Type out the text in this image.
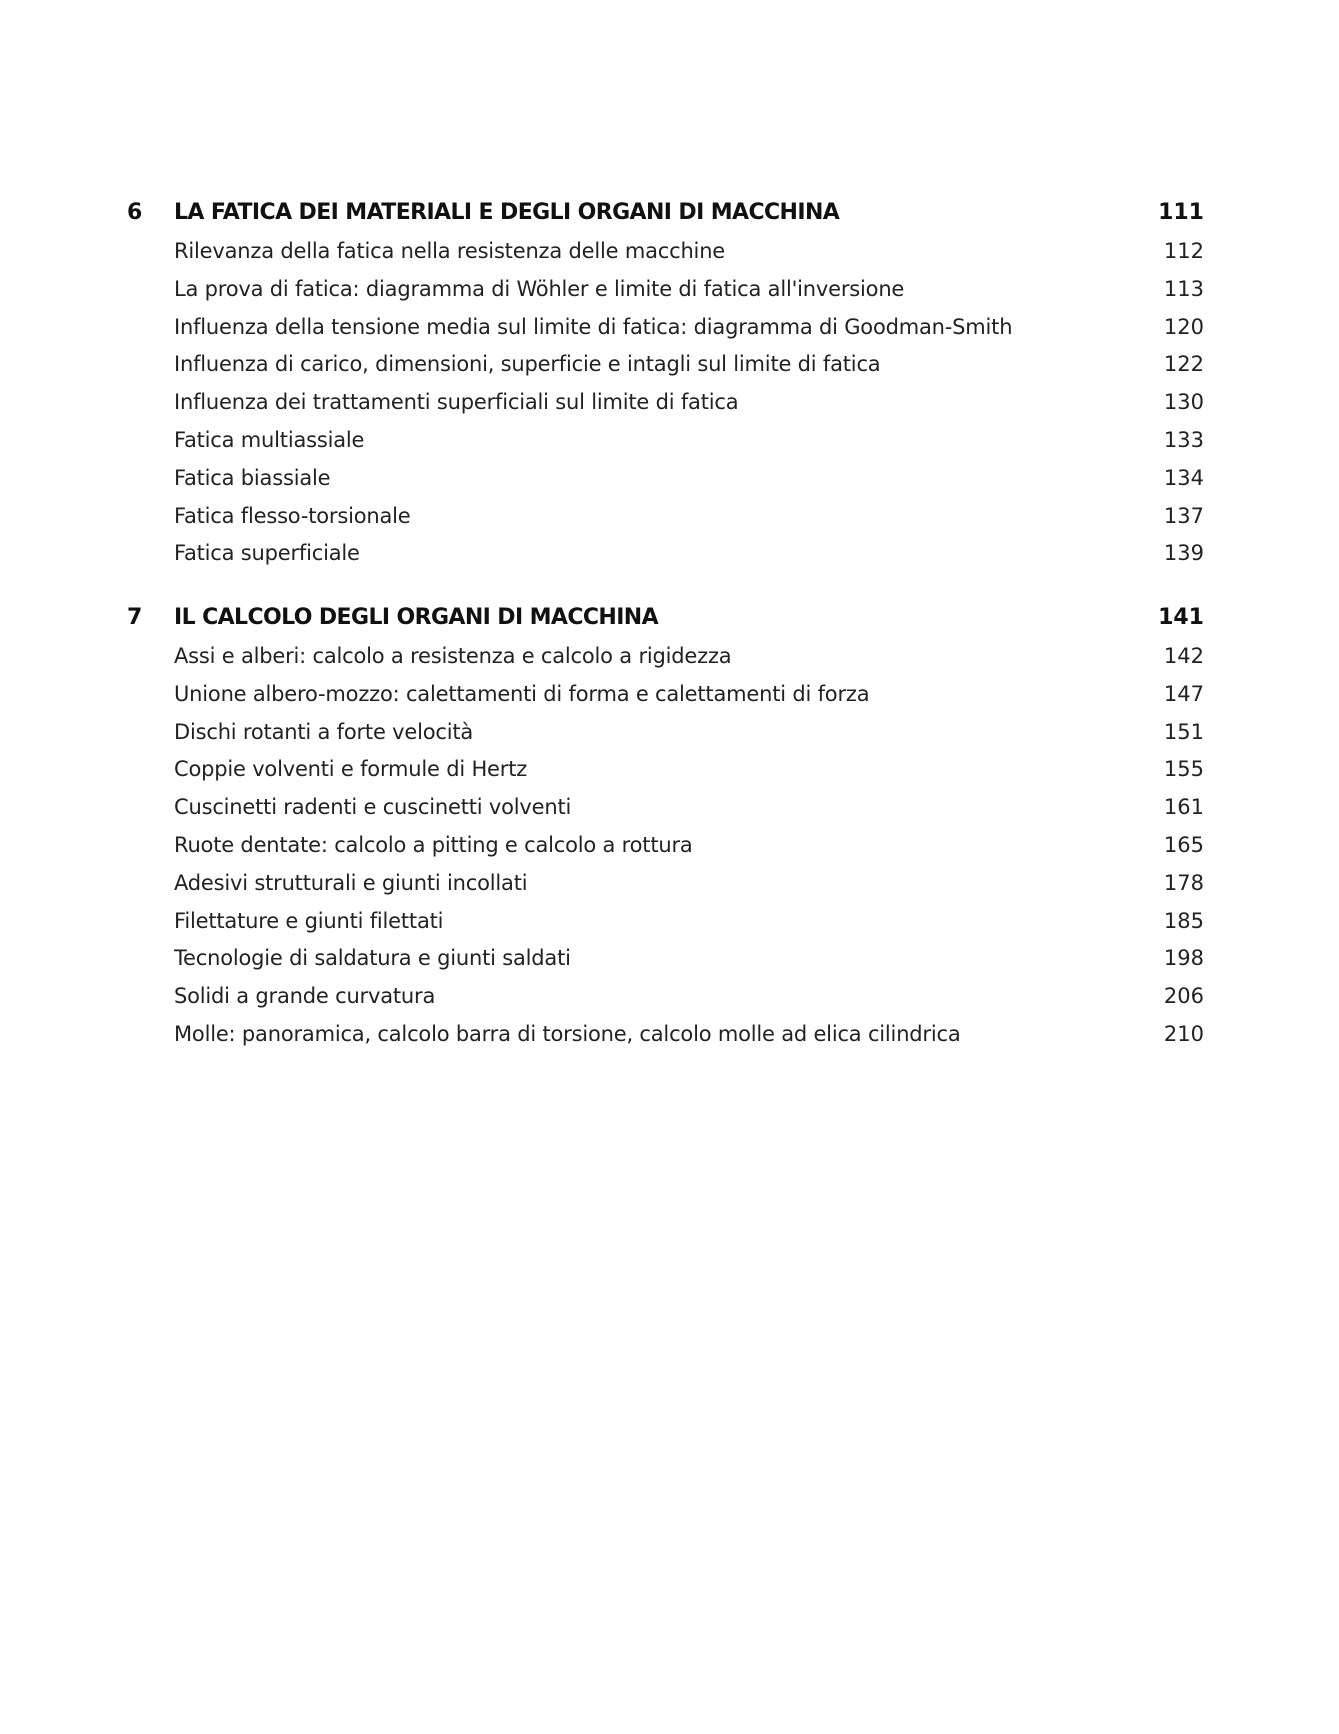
6 LA FATICA DEI MATERIALI E DEGLI ORGANI DI MACCHINA	111
Rilevanza della fatica nella resistenza delle macchine	112
La prova di fatica: diagramma di Wöhler e limite di fatica all'inversione	113
Influenza della tensione media sul limite di fatica: diagramma di Goodman-Smith	120
Influenza di carico, dimensioni, superficie e intagli sul limite di fatica	122
Influenza dei trattamenti superficiali sul limite di fatica	130
Fatica multiassiale	133
Fatica biassiale	134
Fatica flesso-torsionale	137
Fatica superficiale	139
7 IL CALCOLO DEGLI ORGANI DI MACCHINA	141
Assi e alberi: calcolo a resistenza e calcolo a rigidezza	142
Unione albero-mozzo: calettamenti di forma e calettamenti di forza	147
Dischi rotanti a forte velocità	151
Coppie volventi e formule di Hertz	155
Cuscinetti radenti e cuscinetti volventi	161
Ruote dentate: calcolo a pitting e calcolo a rottura	165
Adesivi strutturali e giunti incollati	178
Filettature e giunti filettati	185
Tecnologie di saldatura e giunti saldati	198
Solidi a grande curvatura	206
Molle: panoramica, calcolo barra di torsione, calcolo molle ad elica cilindrica	210
